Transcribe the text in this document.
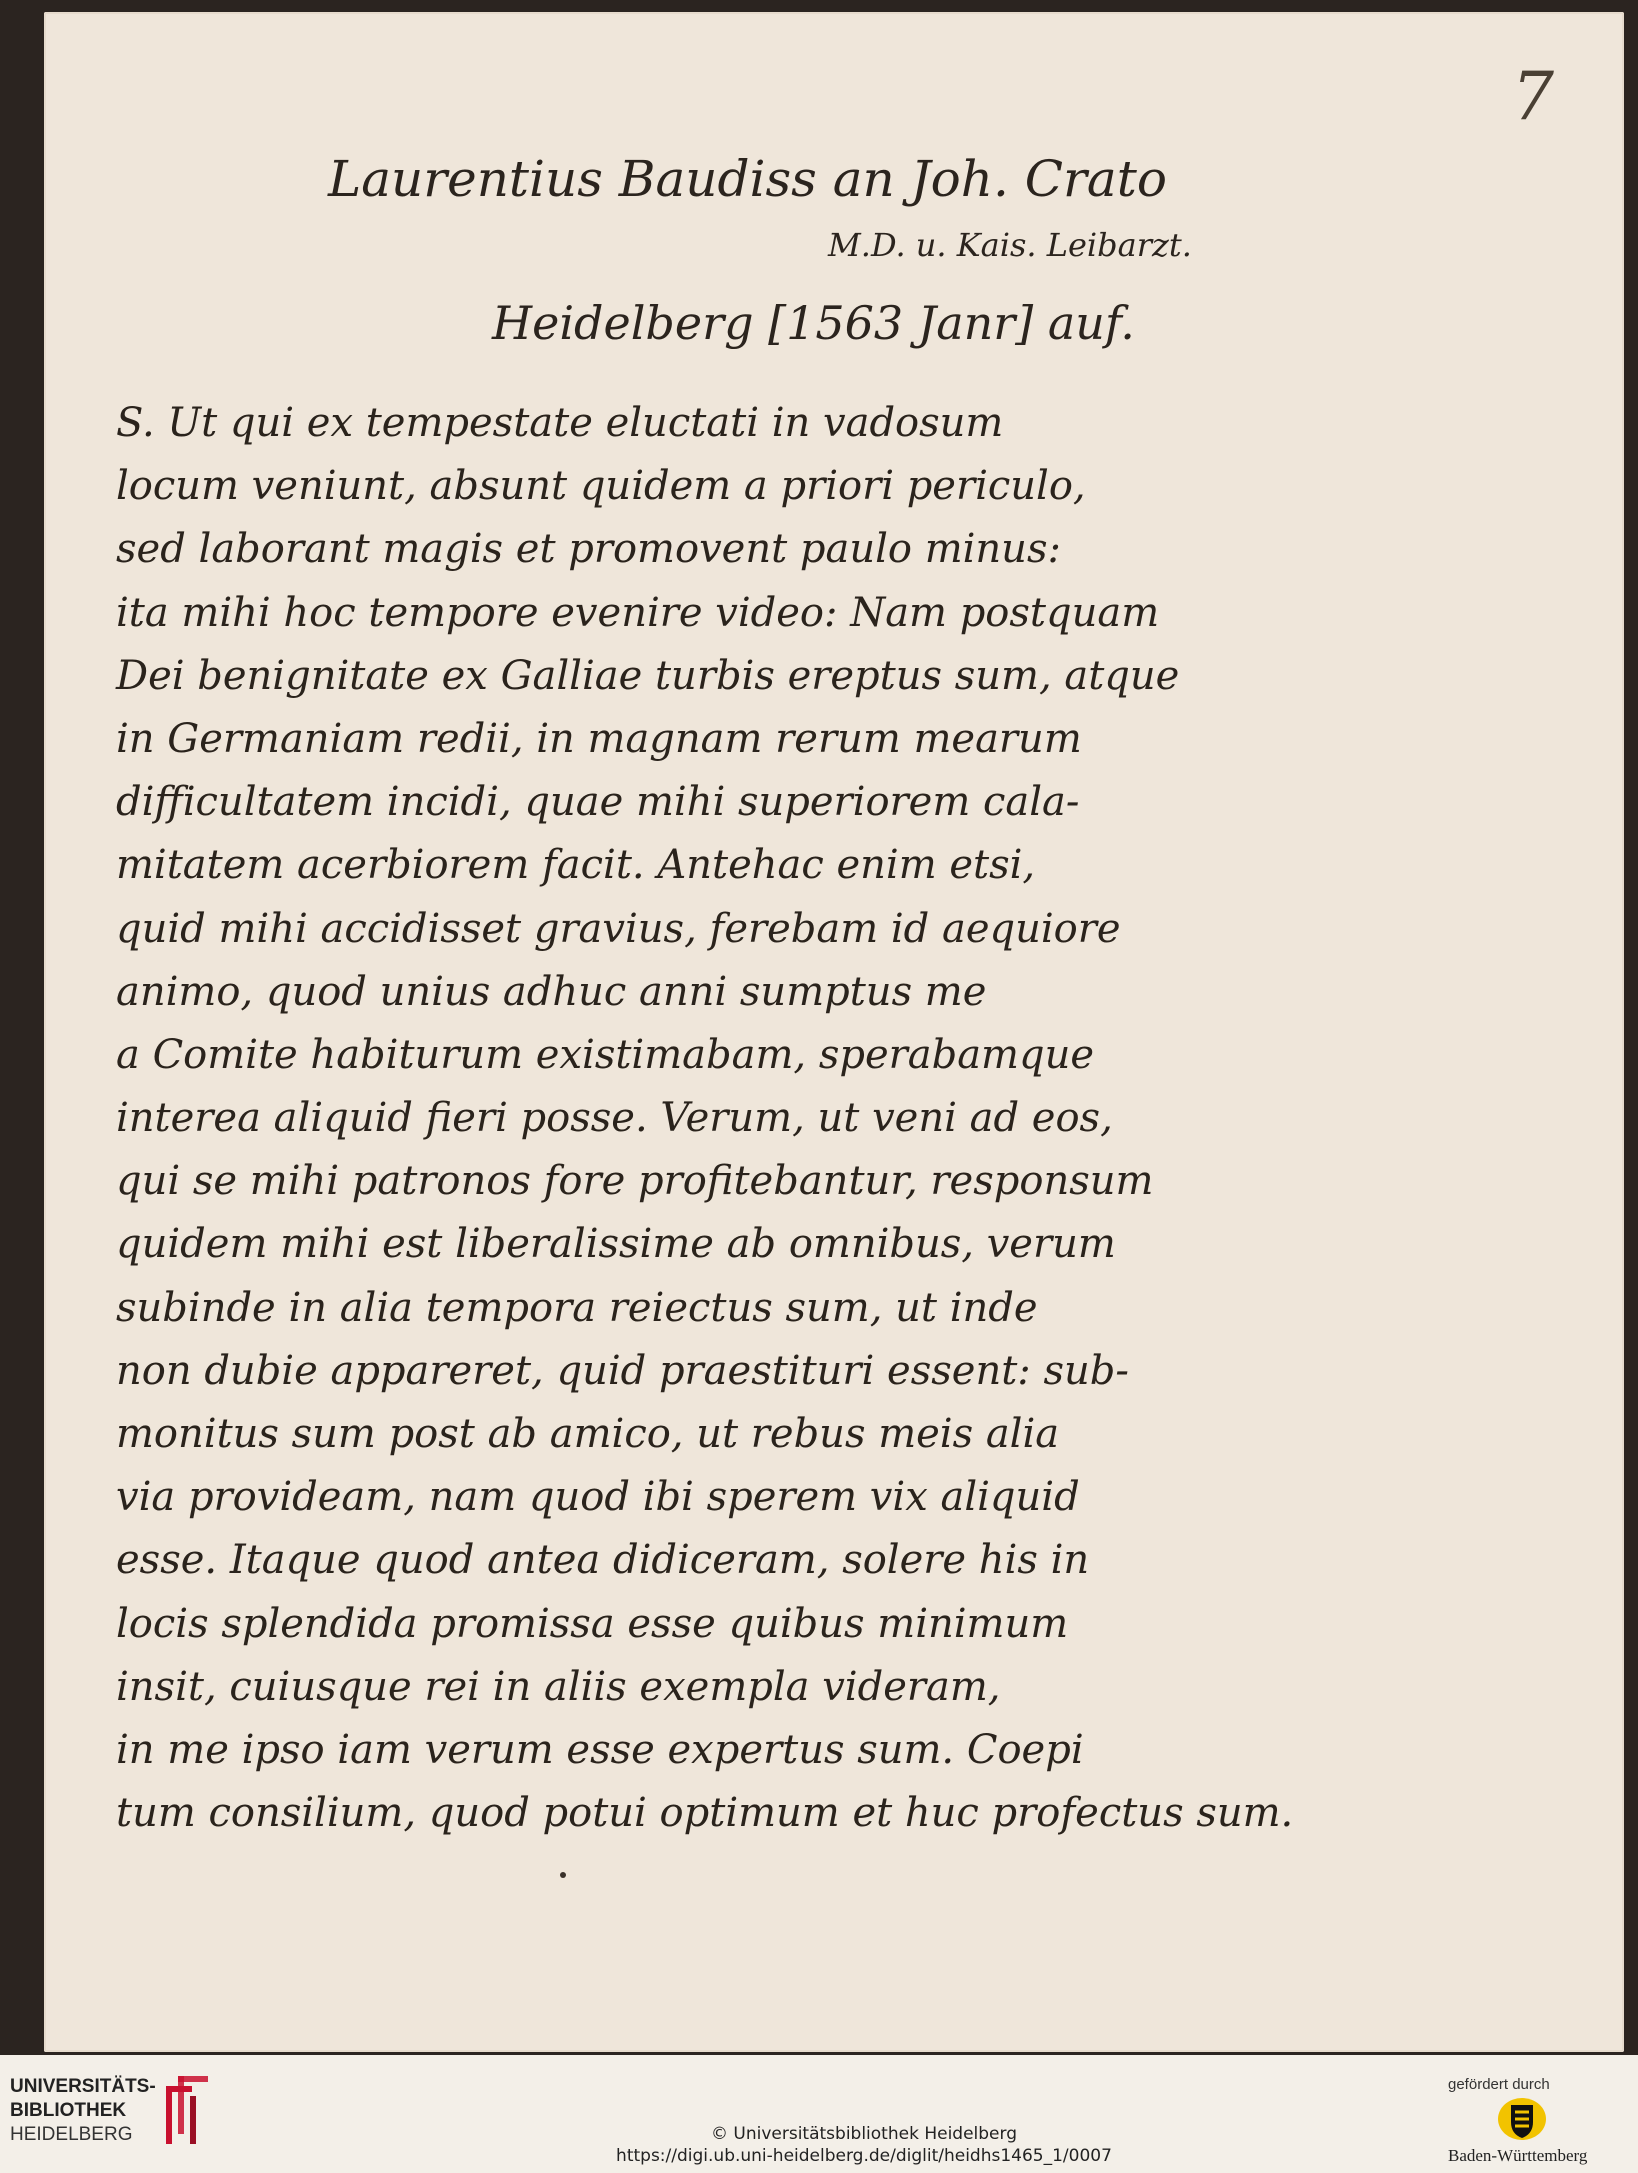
7
Laurentius Baudiss an Joh. Crato
M.D. u. Kais. Leibarzt.
Heidelberg [1563 Janr] auf.
S. Ut qui ex tempestate eluctati in vadosum
locum veniunt, absunt quidem a priori periculo,
sed laborant magis et promovent paulo minus:
ita mihi hoc tempore evenire video: Nam postquam
Dei benignitate ex Galliae turbis ereptus sum, atque
in Germaniam redii, in magnam rerum mearum
difficultatem incidi, quae mihi superiorem cala-
mitatem acerbiorem facit. Antehac enim etsi,
quid mihi accidisset gravius, ferebam id aequiore
animo, quod unius adhuc anni sumptus me
a Comite habiturum existimabam, sperabamque
interea aliquid fieri posse. Verum, ut veni ad eos,
qui se mihi patronos fore profitebantur, responsum
quidem mihi est liberalissime ab omnibus, verum
subinde in alia tempora reiectus sum, ut inde
non dubie appareret, quid praestituri essent: sub-
monitus sum post ab amico, ut rebus meis alia
via provideam, nam quod ibi sperem vix aliquid
esse. Itaque quod antea didiceram, solere his in
locis splendida promissa esse quibus minimum
insit, cuiusque rei in aliis exempla videram,
in me ipso iam verum esse expertus sum. Coepi
tum consilium, quod potui optimum et huc profectus sum.
UNIVERSITÄTS-
BIBLIOTHEK
HEIDELBERG	© Universitätsbibliothek Heidelberg
https://digi.ub.uni-heidelberg.de/diglit/heidhs1465_1/0007
gefördert durch
Baden-Württemberg
